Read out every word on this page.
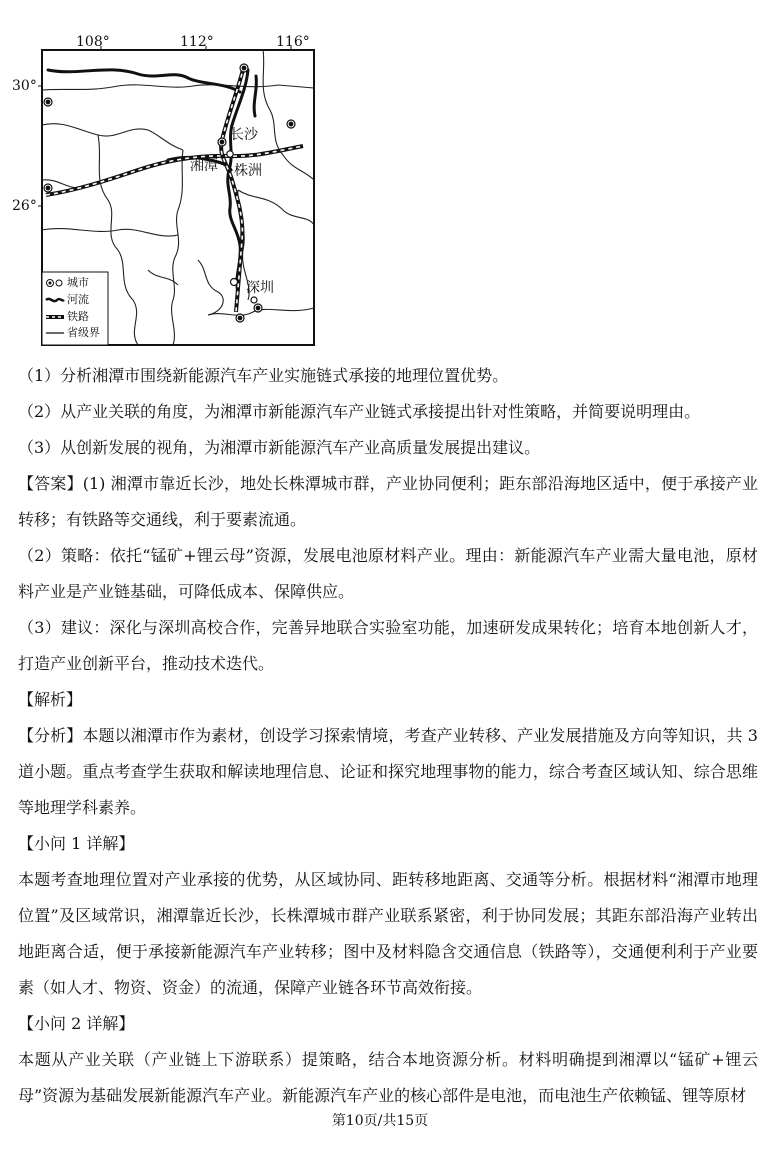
108°	112°	116°
30°
26°
长沙
湘潭 株洲
深圳
城市
河流
铁路
省级界

（1）分析湘潭市围绕新能源汽车产业实施链式承接的地理位置优势。

（2）从产业关联的角度，为湘潭市新能源汽车产业链式承接提出针对性策略，并简要说明理由。

（3）从创新发展的视角，为湘潭市新能源汽车产业高质量发展提出建议。

【答案】(1) 湘潭市靠近长沙，地处长株潭城市群，产业协同便利；距东部沿海地区适中，便于承接产业转移；有铁路等交通线，利于要素流通。

（2）策略：依托“锰矿+锂云母”资源，发展电池原材料产业。理由：新能源汽车产业需大量电池，原材料产业是产业链基础，可降低成本、保障供应。

（3）建议：深化与深圳高校合作，完善异地联合实验室功能，加速研发成果转化；培育本地创新人才，打造产业创新平台，推动技术迭代。

【解析】

【分析】本题以湘潭市作为素材，创设学习探索情境，考查产业转移、产业发展措施及方向等知识，共 3 道小题。重点考查学生获取和解读地理信息、论证和探究地理事物的能力，综合考查区域认知、综合思维等地理学科素养。

【小问 1 详解】

本题考查地理位置对产业承接的优势，从区域协同、距转移地距离、交通等分析。根据材料“湘潭市地理位置”及区域常识，湘潭靠近长沙，长株潭城市群产业联系紧密，利于协同发展；其距东部沿海产业转出地距离合适，便于承接新能源汽车产业转移；图中及材料隐含交通信息（铁路等），交通便利利于产业要素（如人才、物资、资金）的流通，保障产业链各环节高效衔接。

【小问 2 详解】

本题从产业关联（产业链上下游联系）提策略，结合本地资源分析。材料明确提到湘潭以“锰矿+锂云母”资源为基础发展新能源汽车产业。新能源汽车产业的核心部件是电池，而电池生产依赖锰、锂等原材

第10页/共15页
